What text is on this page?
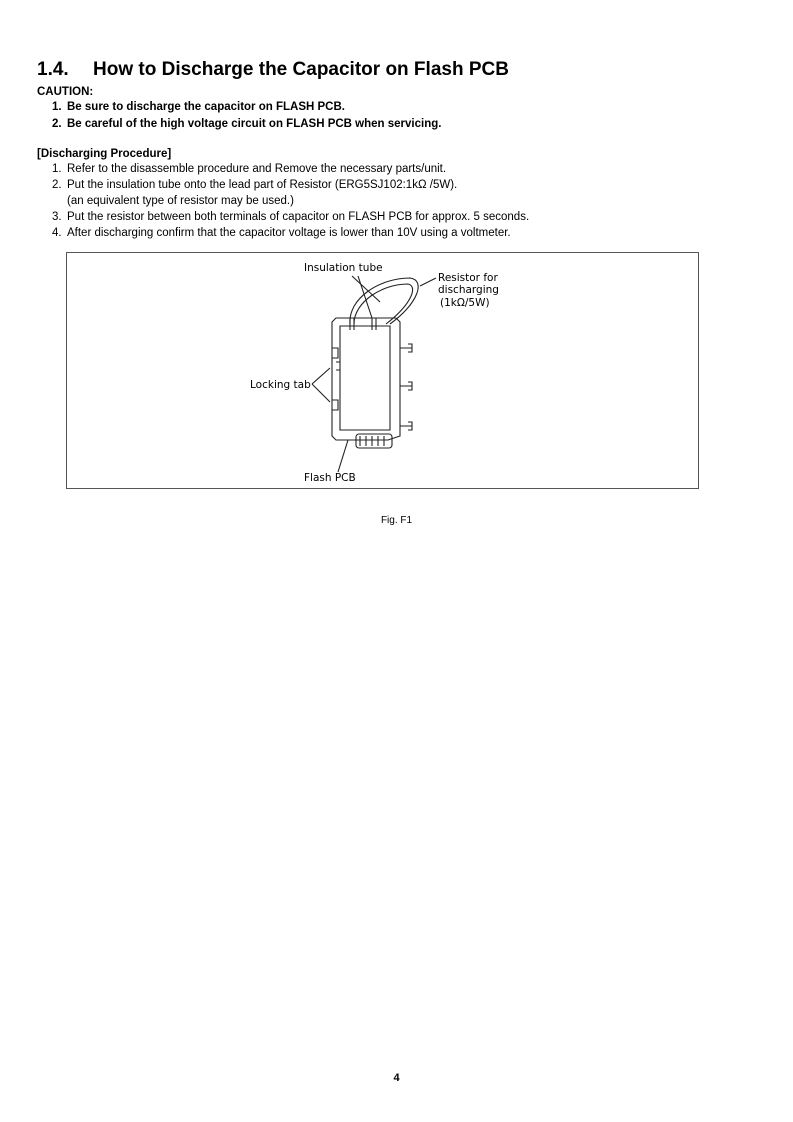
1.4. How to Discharge the Capacitor on Flash PCB
CAUTION:
1. Be sure to discharge the capacitor on FLASH PCB.
2. Be careful of the high voltage circuit on FLASH PCB when servicing.
[Discharging Procedure]
1. Refer to the disassemble procedure and Remove the necessary parts/unit.
2. Put the insulation tube onto the lead part of Resistor (ERG5SJ102:1kΩ /5W).
(an equivalent type of resistor may be used.)
3. Put the resistor between both terminals of capacitor on FLASH PCB for approx. 5 seconds.
4. After discharging confirm that the capacitor voltage is lower than 10V using a voltmeter.
Insulation tube
Resistor for
discharging
(1kΩ/5W)
Locking tab
Flash PCB
Fig. F1
4
